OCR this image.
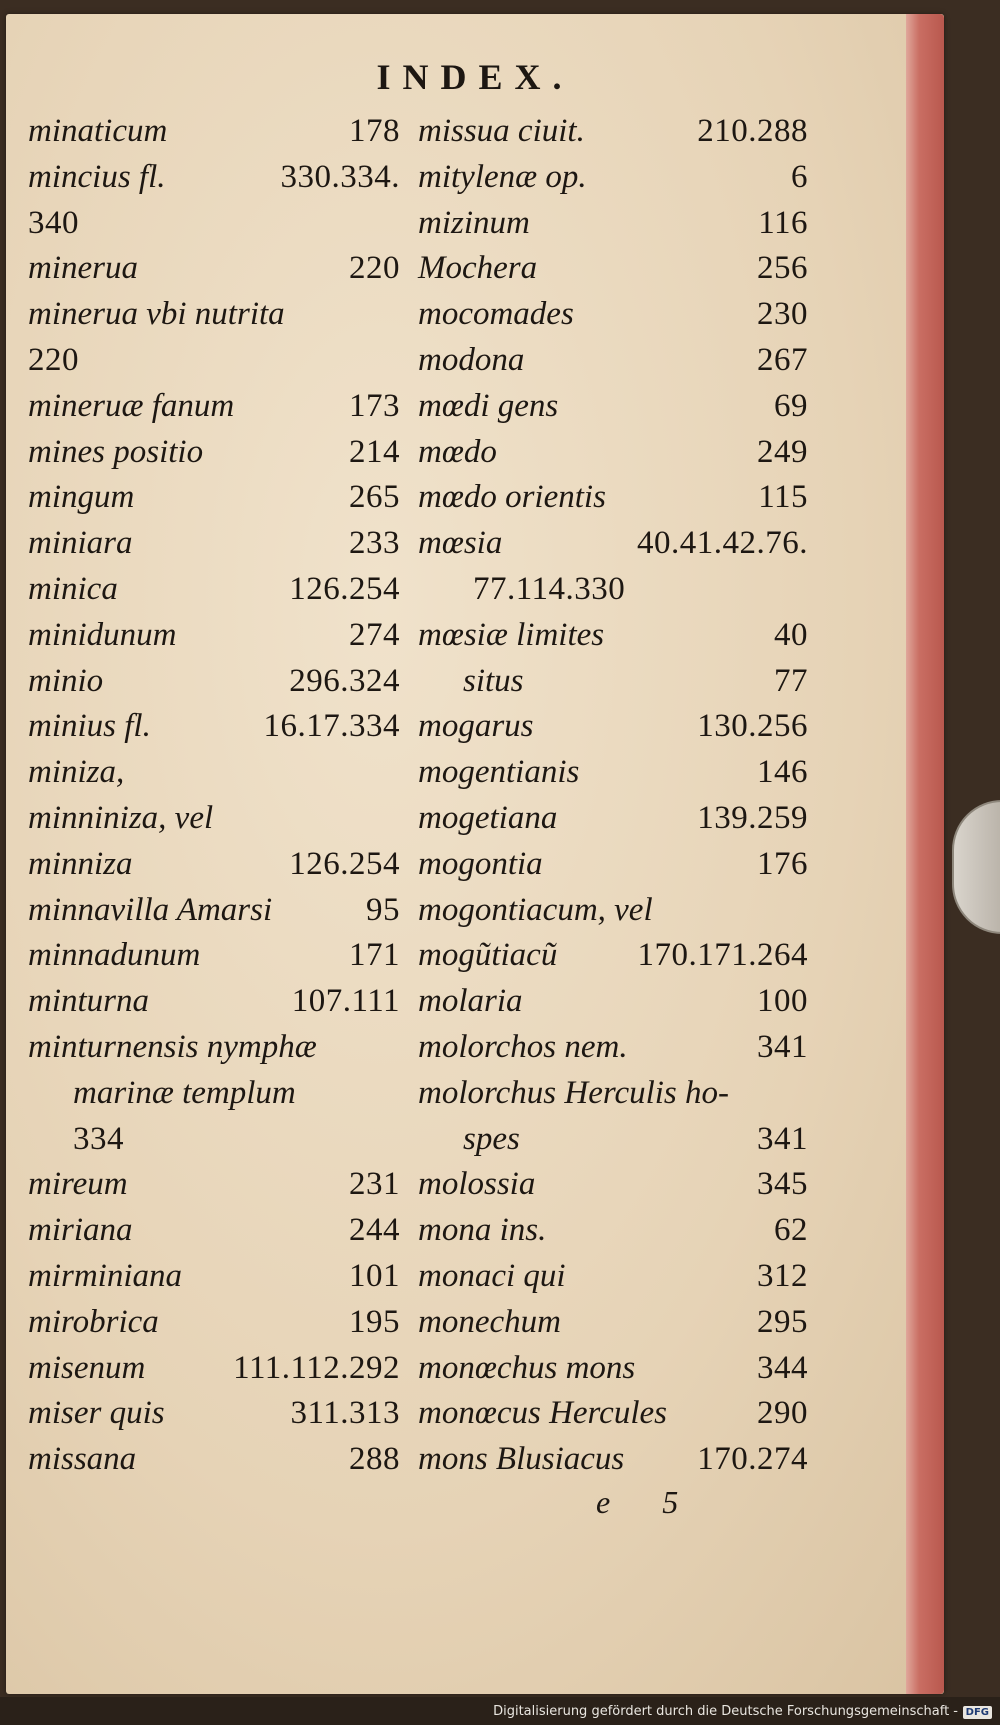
INDEX.
minaticum	178
mincius fl.	330.334.
340
minerua	220
minerua vbi nutrita
220
mineruæ fanum	173
mines positio	214
mingum	265
miniara	233
minica	126.254
minidunum	274
minio	296.324
minius fl.	16.17.334
miniza,
minniniza, vel
minniza	126.254
minnavilla Amarsi	95
minnadunum	171
minturna	107.111
minturnensis nymphæ
marinæ templum
334
mireum	231
miriana	244
mirminiana	101
mirobrica	195
misenum	111.112.292
miser quis	311.313
missana	288
missua ciuit.	210.288
mitylenæ op.	6
mizinum	116
Mochera	256
mocomades	230
modona	267
mœdi gens	69
mœdo	249
mœdo orientis	115
mœsia	40.41.42.76.
77.114.330
mœsiæ limites	40
situs	77
mogarus	130.256
mogentianis	146
mogetiana	139.259
mogontia	176
mogontiacum, vel
mogũtiacũ 170.171.264
molaria	100
molorchos nem.	341
molorchus Herculis ho-
spes	341
molossia	345
mona ins.	62
monaci qui	312
monechum	295
monœchus mons	344
monœcus Hercules	290
mons Blusiacus 170.274
e 5
Digitalisierung gefördert durch die Deutsche Forschungsgemeinschaft - DFG
